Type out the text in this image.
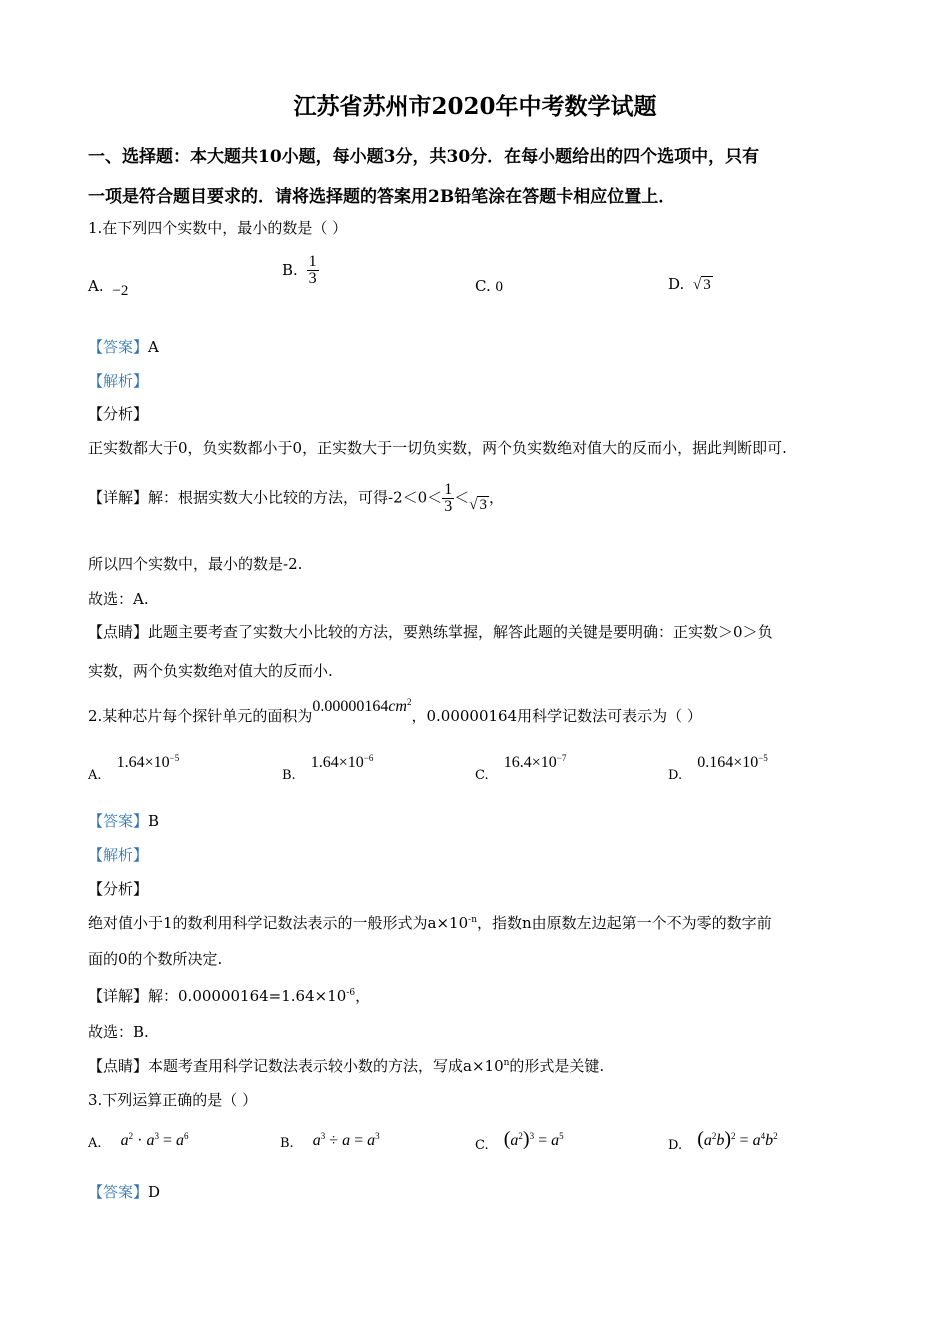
江苏省苏州市2020年中考数学试题
一、选择题：本大题共10小题，每小题3分，共30分．在每小题给出的四个选项中，只有
一项是符合题目要求的．请将选择题的答案用2B铅笔涂在答题卡相应位置上．
1.在下列四个实数中，最小的数是（ ）
A. −2
B. $\frac{1}{3}$	C. 0	D. √ 3
【答案】A
【解析】
【分析】
正实数都大于0，负实数都小于0，正实数大于一切负实数，两个负实数绝对值大的反而小，据此判断即可.
【详解】解：根据实数大小比较的方法，可得$-2<0< \frac{1}{3}$ ＜√ 3 ，
所以四个实数中，最小的数是-2.
故选：A.
【点睛】此题主要考查了实数大小比较的方法，要熟练掌握，解答此题的关键是要明确：正实数＞0＞负
实数，两个负实数绝对值大的反而小.
2.某种芯片每个探针单元的面积为$0.00000164cm^2$，0.00000164用科学记数法可表示为（ ）
$_{A.}$ $1.64\times 10^{-5}$
$_{B.}$ $1.64\times 10^{-6}$
$_{C.}$ $16.4\times 10^{-7}$
$_{D.}$ $0.164\times 10^{-5}$
【答案】B
【解析】
【分析】
绝对值小于1的数利用科学记数法表示的一般形式为$a\times 10^{-n}$，指数n由原数左边起第一个不为零的数字前
面的0的个数所决定.
【详解】解：$0.00000164=1.64\times 10^{-6}$，
故选：B.
【点睛】本题考查用科学记数法表示较小数的方法，写成$a\times 10^n$的形式是关键.
3.下列运算正确的是（ ）
A. $a^2 \cdot a^3 = a^6$	B. $a^3 \div a = a^3$
$_{C.}$ $(a^2)^3 = a^5$
$_{D.}$ $(a^2b)^2 = a^4b^2$
【答案】D
